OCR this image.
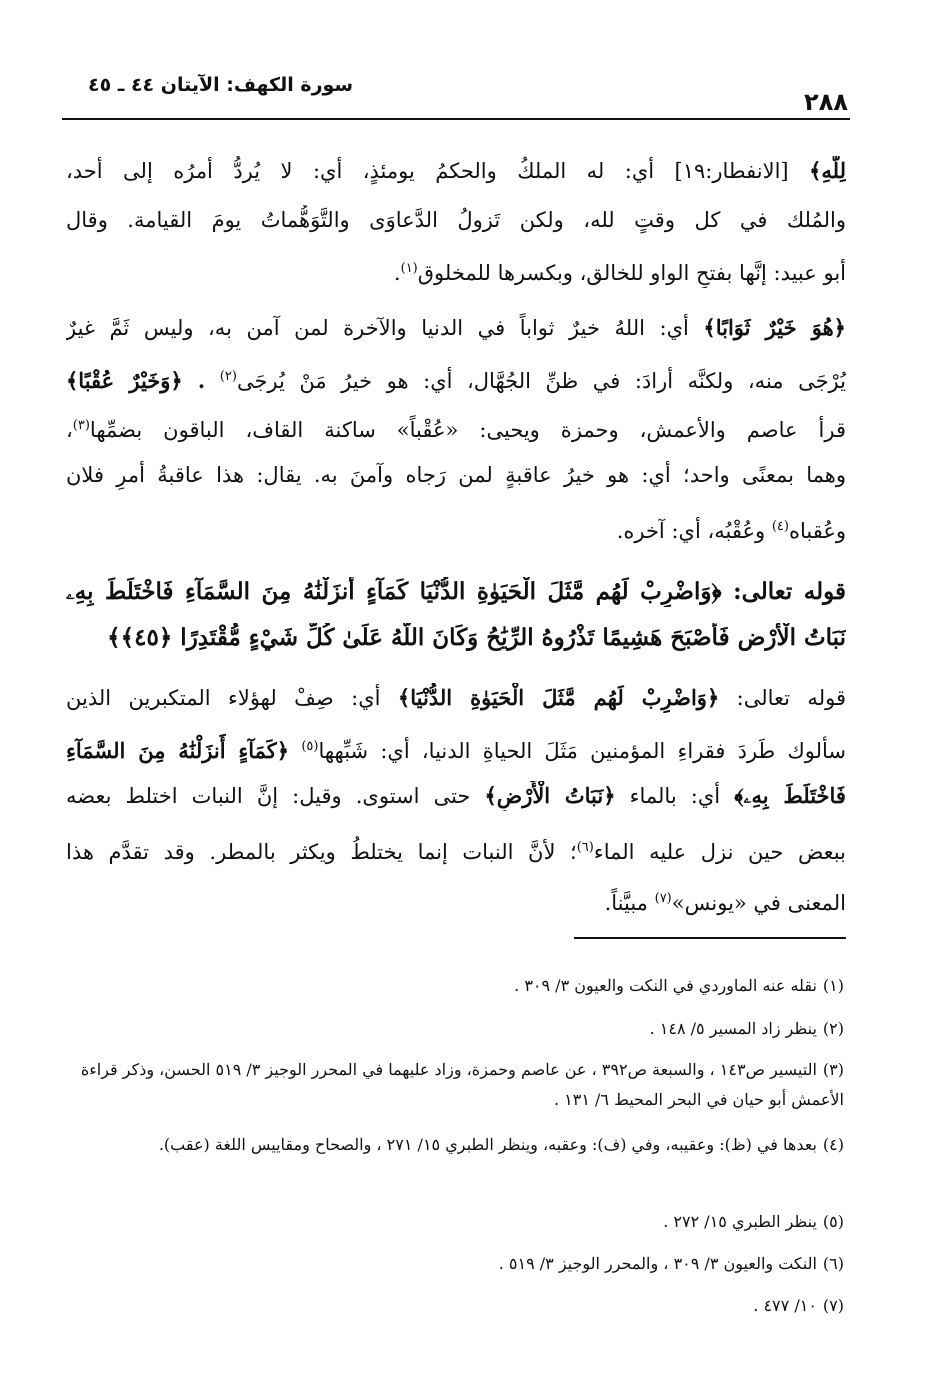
٢٨٨
سورة الكهف: الآيتان ٤٤ ـ ٤٥
لِلَّهِ﴾ [الانفطار:١٩] أي: له الملكُ والحكمُ يومئذٍ، أي: لا يُردُّ أمرُه إلى أحد،
والمُلك في كل وقتٍ لله، ولكن تَزولُ الدَّعاوَى والتَّوَهُّماتُ يومَ القيامة. وقال
أبو عبيد: إنَّها بفتحِ الواو للخالق، وبكسرها للمخلوق$^{(١)}$.
﴿هُوَ خَيْرٌ ثَوَابًا﴾ أي: اللهُ خيرٌ ثواباً في الدنيا والآخرة لمن آمن به، وليس ثَمَّ غيرٌ
يُرْجَى منه، ولكنَّه أرادَ: في ظنِّ الجُهَّال، أي: هو خيرُ مَنْ يُرجَى$^{(٢)}$ . ﴿وَخَيْرٌ عُقْبًا﴾
قرأ عاصم والأعمش، وحمزة ويحيى: «عُقْباً» ساكنة القاف، الباقون بضمِّها$^{(٣)}$،
وهما بمعنًى واحد؛ أي: هو خيرُ عاقبةٍ لمن رَجاه وآمنَ به. يقال: هذا عاقبةُ أمرِ فلان
وعُقباه$^{(٤)}$ وعُقْبُه، أي: آخره.
قوله تعالى: ﴿وَاضْرِبْ لَهُم مَّثَلَ الْحَيَوٰةِ الدُّنْيَا كَمَآءٍ أَنزَلْنَٰهُ مِنَ السَّمَآءِ فَاخْتَلَطَ بِهِۦ
نَبَاتُ الْأَرْضِ فَأَصْبَحَ هَشِيمًا تَذْرُوهُ الرِّيَٰحُ وَكَانَ اللَّهُ عَلَىٰ كُلِّ شَيْءٍ مُّقْتَدِرًا ﴿٤٥﴾﴾
قوله تعالى: ﴿وَاضْرِبْ لَهُم مَّثَلَ الْحَيَوٰةِ الدُّنْيَا﴾ أي: صِفْ لهؤلاء المتكبرين الذين
سألوك طَردَ فقراءِ المؤمنين مَثَلَ الحياةِ الدنيا، أي: شَبِّهها$^{(٥)}$ ﴿كَمَآءٍ أَنزَلْنَٰهُ مِنَ السَّمَآءِ
فَاخْتَلَطَ بِهِۦ﴾ أي: بالماء ﴿نَبَاتُ الْأَرْضِ﴾ حتى استوى. وقيل: إنَّ النبات اختلط بعضه
ببعض حين نزل عليه الماء$^{(٦)}$؛ لأنَّ النبات إنما يختلطُ ويكثر بالمطر. وقد تقدَّم هذا
المعنى في «يونس»$^{(٧)}$ مبيَّناً.
(١)نقله عنه الماوردي في النكت والعيون ٣/ ٣٠٩ .
(٢)ينظر زاد المسير ٥/ ١٤٨ .
(٣)التيسير ص١٤٣ ، والسبعة ص٣٩٢ ، عن عاصم وحمزة، وزاد عليهما في المحرر الوجيز ٣/ ٥١٩ الحسن، وذكر قراءة الأعمش أبو حيان في البحر المحيط ٦/ ١٣١ .
(٤)بعدها في (ظ): وعقيبه، وفي (ف): وعقبه، وينظر الطبري ١٥/ ٢٧١ ، والصحاح ومقاييس اللغة (عقب).
(٥)ينظر الطبري ١٥/ ٢٧٢ .
(٦)النكت والعيون ٣/ ٣٠٩ ، والمحرر الوجيز ٣/ ٥١٩ .
(٧)١٠/ ٤٧٧ .
